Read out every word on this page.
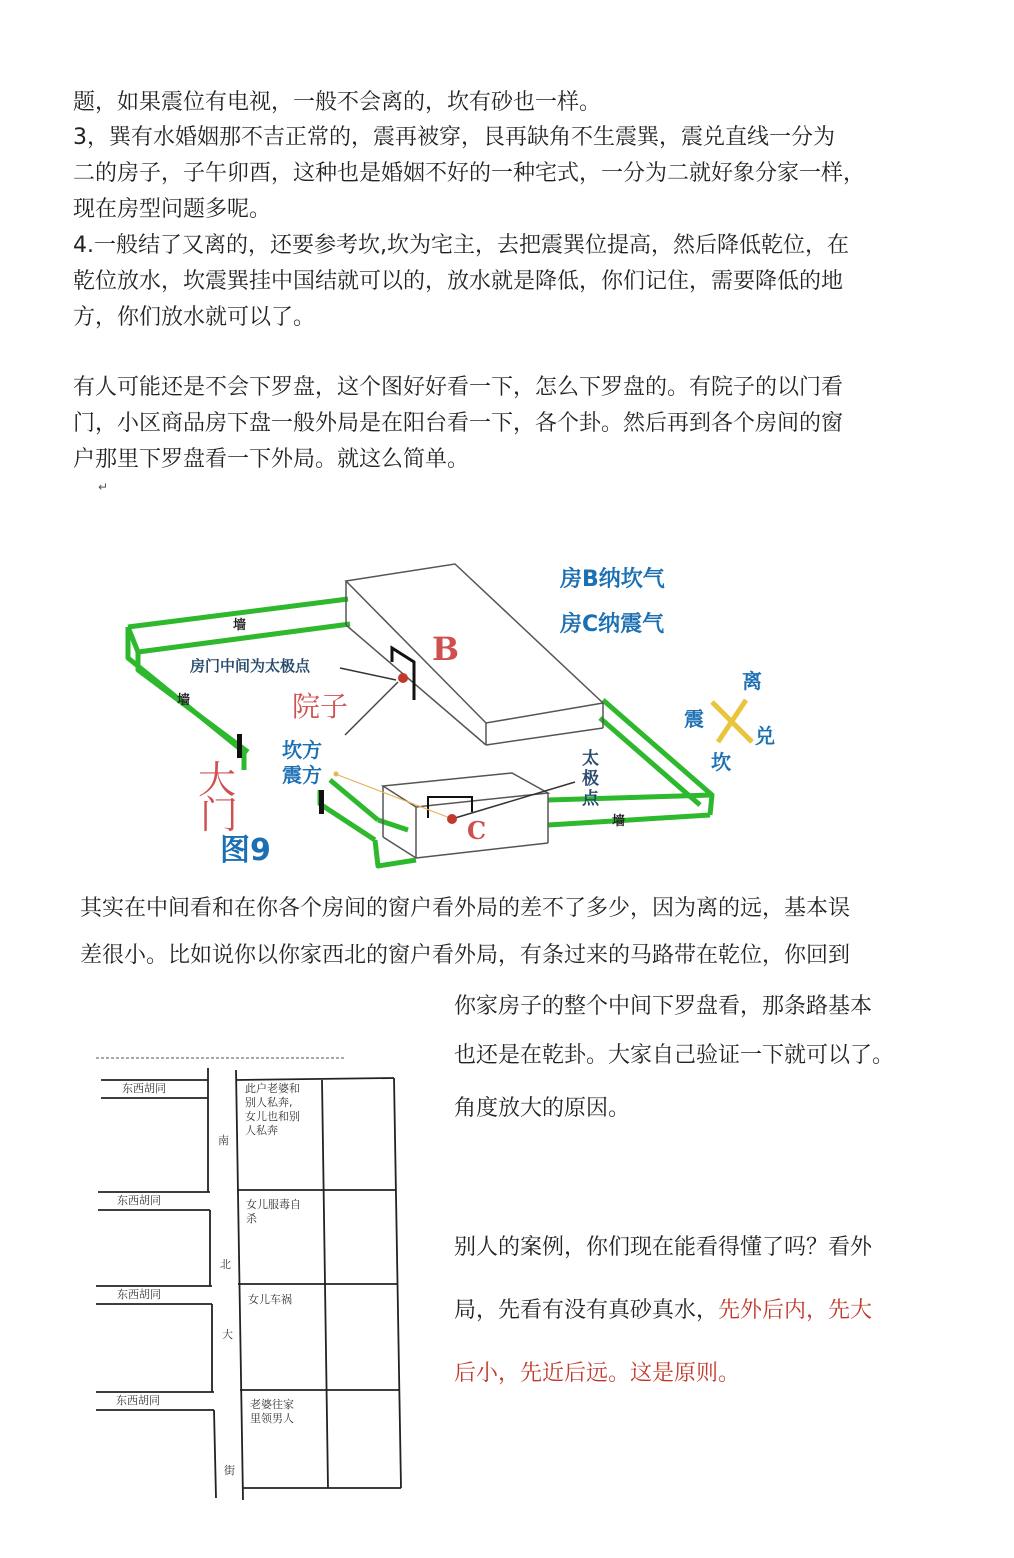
题，如果震位有电视，一般不会离的，坎有砂也一样。
3，巽有水婚姻那不吉正常的，震再被穿，艮再缺角不生震巽，震兑直线一分为
二的房子，子午卯酉，这种也是婚姻不好的一种宅式，一分为二就好象分家一样，
现在房型问题多呢。
4.一般结了又离的，还要参考坎,坎为宅主，去把震巽位提高，然后降低乾位，在
乾位放水，坎震巽挂中国结就可以的，放水就是降低，你们记住，需要降低的地
方，你们放水就可以了。
有人可能还是不会下罗盘，这个图好好看一下，怎么下罗盘的。有院子的以门看
门，小区商品房下盘一般外局是在阳台看一下，各个卦。然后再到各个房间的窗
户那里下罗盘看一下外局。就这么简单。
↵
房B纳坎气
房C纳震气
墙
墙
墙
房门中间为太极点	B
C
院子
坎方
震方
大
门
图9
太
极
点
离
震
兑
坎
其实在中间看和在你各个房间的窗户看外局的差不了多少，因为离的远，基本误
差很小。比如说你以你家西北的窗户看外局，有条过来的马路带在乾位，你回到
你家房子的整个中间下罗盘看，那条路基本
也还是在乾卦。大家自己验证一下就可以了。
角度放大的原因。
别人的案例，你们现在能看得懂了吗？看外
局，先看有没有真砂真水，先外后内，先大
后小，先近后远。这是原则。
东西胡同
东西胡同
东西胡同
东西胡同
南
北
大
街
此户老婆和
别人私奔,
女儿也和别
人私奔
女儿服毒自
杀
女儿车祸
老婆往家
里领男人
